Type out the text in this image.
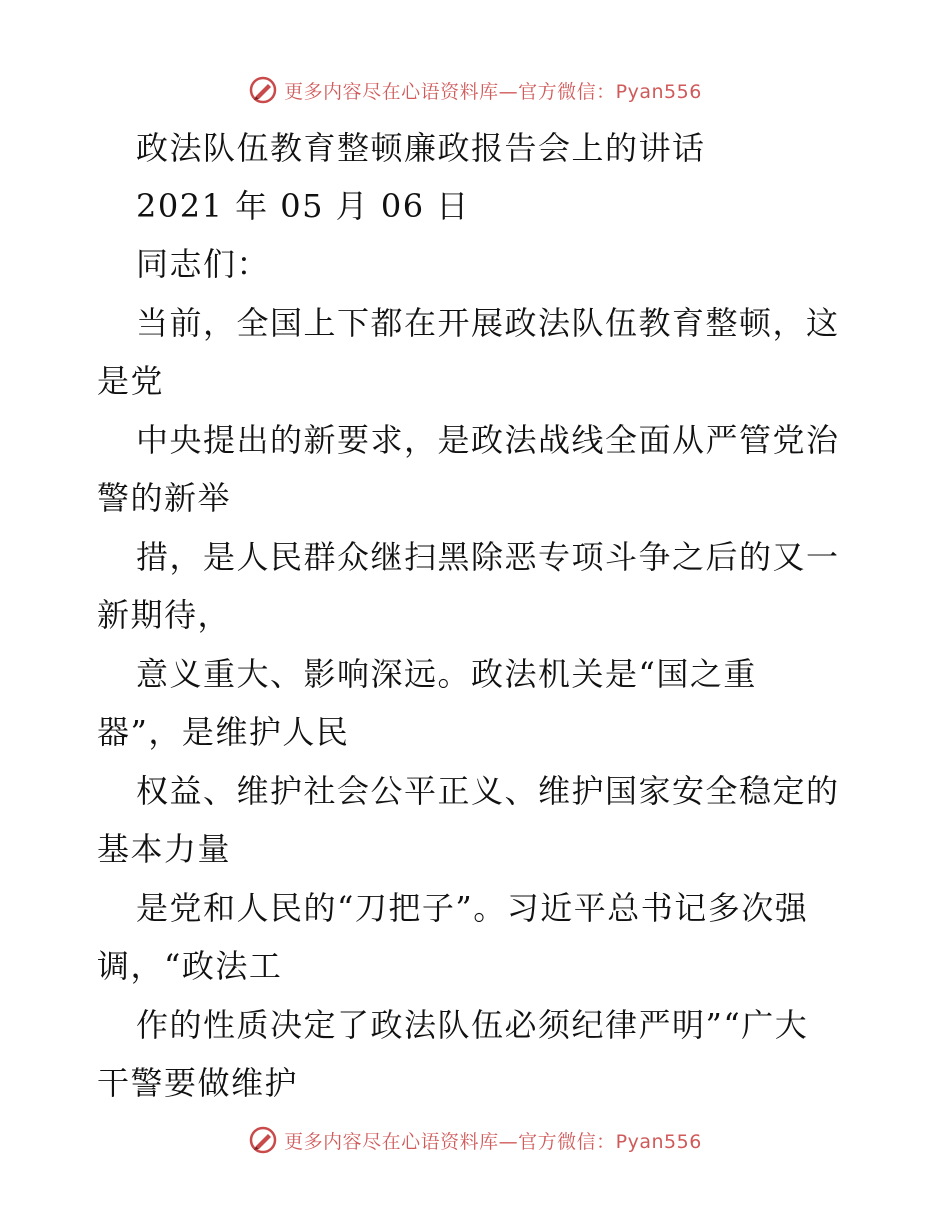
更多内容尽在心语资料库—官方微信：Pyan556
政法队伍教育整顿廉政报告会上的讲话
2021 年 05 月 06 日
同志们：
当前，全国上下都在开展政法队伍教育整顿，这
是党
中央提出的新要求，是政法战线全面从严管党治
警的新举
措，是人民群众继扫黑除恶专项斗争之后的又一
新期待，
意义重大、影响深远。政法机关是“国之重
器”，是维护人民
权益、维护社会公平正义、维护国家安全稳定的
基本力量
是党和人民的“刀把子”。习近平总书记多次强
调，“政法工
作的性质决定了政法队伍必须纪律严明”“广大
干警要做维护
更多内容尽在心语资料库—官方微信：Pyan556
